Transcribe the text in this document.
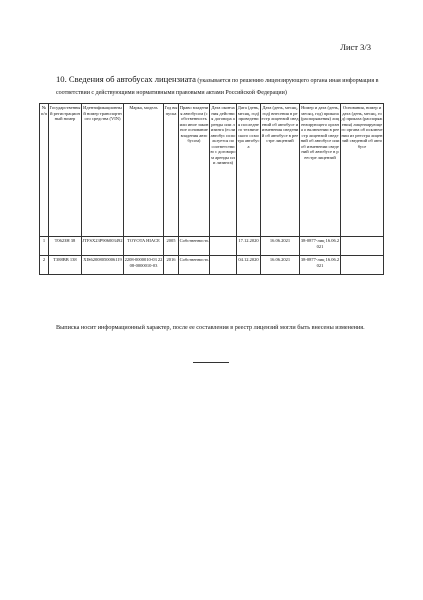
Лист 3/3
10. Сведения об автобусах лицензиата (указывается по решению лицензирующего органа иная информация в соответствии с действующими нормативными правовыми актами Российской Федерации)
№ п/п	Государственный регистрационный номер	Идентификационный номер транспортного средства (VIN)	Марка, модель	Год выпуска	Право владения автобусом (собственность или иное законное основание владения автобусом)	Дата окончания действия договора аренды или лизинга (если автобус используется по соответствию с договором аренды или лизинга)	Дата (день, месяц, год) проведения последнего технического осмотра автобуса	Дата (день, месяц, год) внесения в реестр лицензий сведений об автобусе и изменения сведений об автобусе в реестре лицензий	Номер и дата (день, месяц, год) приказа (распоряжения) лицензирующего органа о включении в реестр лицензий сведений об автобусе или об изменении сведений об автобусе в реестре лицензий	Основания, номер и дата (день, месяц, год) приказа (распоряжения) лицензирующего органа об исключении из реестра лицензий сведений об автобусе
1	Т062ЗН 38	JTFSX23P906003492	TOYOTA HIACE	2005	Собственность		17.12.2020	16.06.2021	38-0877-лиц 16.06.2021	
2	Т388ВВ 138	XIS62008050006119	2208-0000010-03 2208-0000010-03	2016	Собственность		04.12.2020	16.06.2021	38-0877-лиц 16.06.2021	
Выписка носит информационный характер, после ее составления в реестр лицензий могли быть внесены изменения.
